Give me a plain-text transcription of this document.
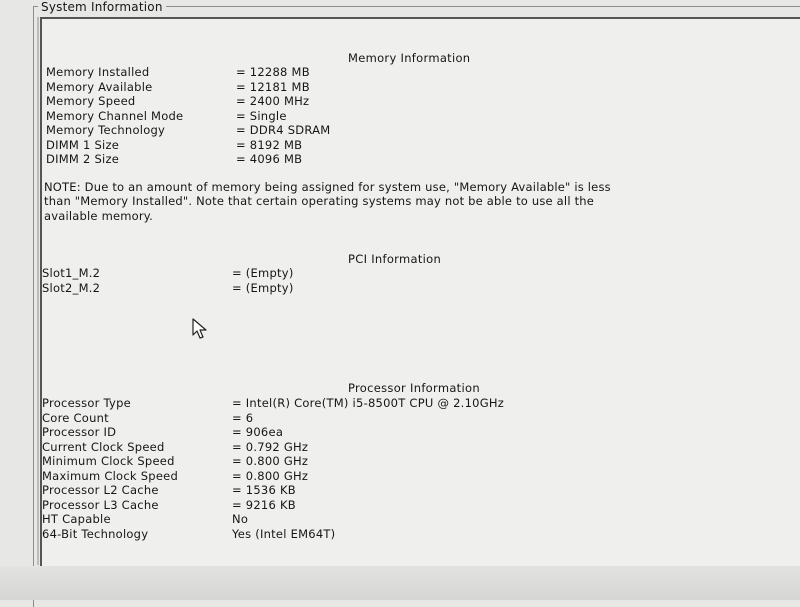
System Information
Memory Information
Memory Installed	= 12288 MB
Memory Available	= 12181 MB
Memory Speed	= 2400 MHz
Memory Channel Mode	= Single
Memory Technology	= DDR4 SDRAM
DIMM 1 Size	= 8192 MB
DIMM 2 Size	= 4096 MB
NOTE: Due to an amount of memory being assigned for system use, "Memory Available" is less
than "Memory Installed". Note that certain operating systems may not be able to use all the
available memory.
PCI Information
Slot1_M.2	= (Empty)
Slot2_M.2	= (Empty)
Processor Information
Processor Type	= Intel(R) Core(TM) i5-8500T CPU @ 2.10GHz
Core Count	= 6
Processor ID	= 906ea
Current Clock Speed	= 0.792 GHz
Minimum Clock Speed	= 0.800 GHz
Maximum Clock Speed	= 0.800 GHz
Processor L2 Cache	= 1536 KB
Processor L3 Cache	= 9216 KB
HT Capable	No
64-Bit Technology	Yes (Intel EM64T)
